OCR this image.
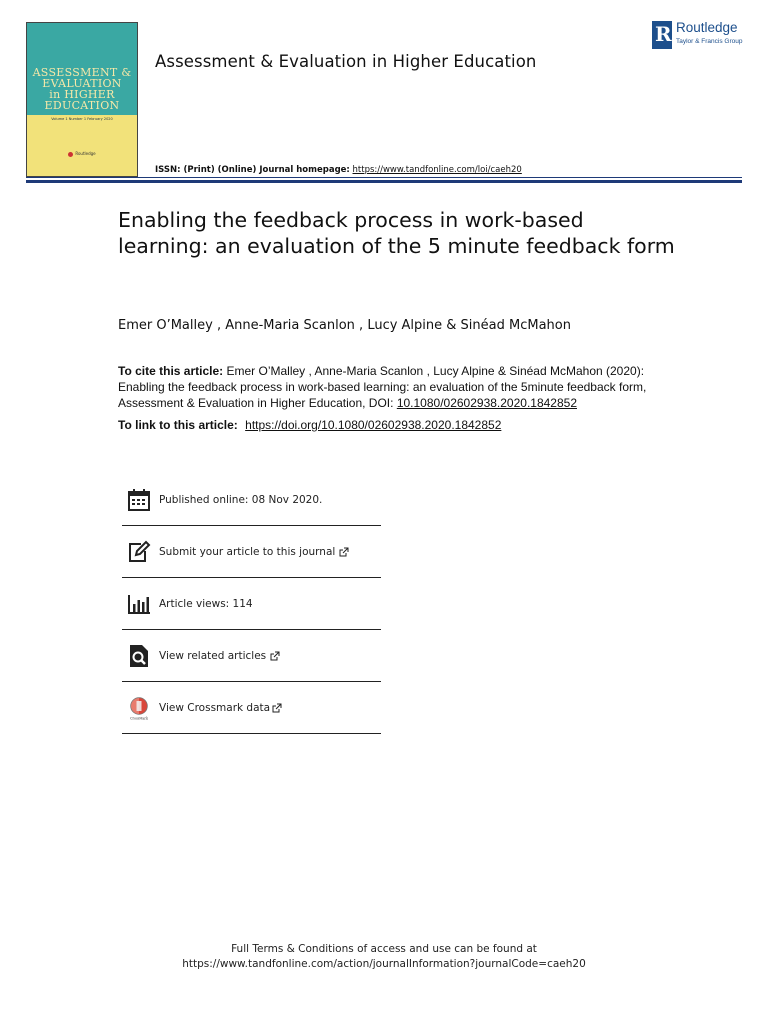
ASSESSMENT &
EVALUATION
in HIGHER
EDUCATION
Volume 1 Number 1 February 2020
Routledge
Assessment & Evaluation in Higher Education
ISSN: (Print) (Online) Journal homepage: https://www.tandfonline.com/loi/caeh20
R Routledge
Taylor & Francis Group
Enabling the feedback process in work-based learning: an evaluation of the 5 minute feedback form
Emer O’Malley , Anne-Maria Scanlon , Lucy Alpine & Sinéad McMahon
To cite this article: Emer O’Malley , Anne-Maria Scanlon , Lucy Alpine & Sinéad McMahon (2020): Enabling the feedback process in work-based learning: an evaluation of the 5minute feedback form, Assessment & Evaluation in Higher Education, DOI: 10.1080/02602938.2020.1842852
To link to this article: https://doi.org/10.1080/02602938.2020.1842852
Published online: 08 Nov 2020.
Submit your article to this journal
Article views: 114
View related articles
CrossMark
View Crossmark data
Full Terms & Conditions of access and use can be found at
https://www.tandfonline.com/action/journalInformation?journalCode=caeh20
